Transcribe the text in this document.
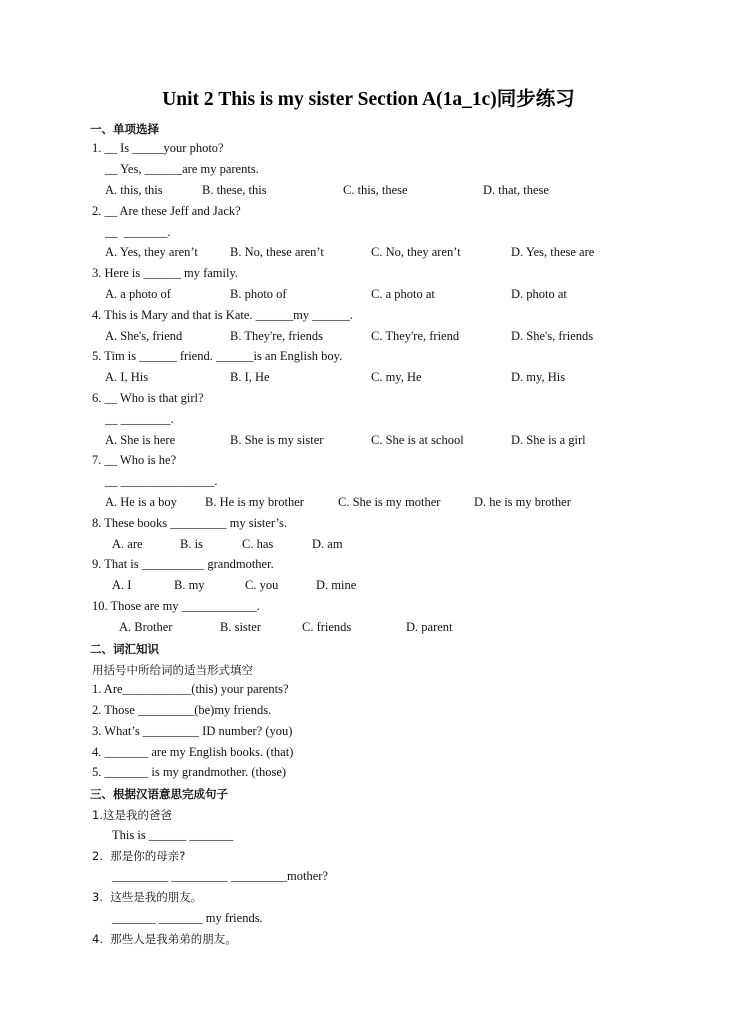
Unit 2 This is my sister Section A(1a_1c)同步练习
一、单项选择
1. __ Is _____your photo?
__ Yes, ______are my parents.
A. this, this	B. these, this	C. this, these	D. that, these
2. __ Are these Jeff and Jack?
__  _______.
A. Yes, they aren’t	B. No, these aren’t	C. No, they aren’t	D. Yes, these are
3. Here is ______ my family.
A. a photo of	B. photo of	C. a photo at	D. photo at
4. This is Mary and that is Kate. ______my ______.
A. She's, friend	B. They're, friends	C. They're, friend	D. She's, friends
5. Tim is ______ friend. ______is an English boy.
A. I, His	B. I, He	C. my, He	D. my, His
6. __ Who is that girl?
__ ________.
A. She is here	B. She is my sister	C. She is at school	D. She is a girl
7. __ Who is he?
__ _______________.
A. He is a boy B. He is my brother	C. She is my mother	D. he is my brother
8. These books _________ my sister’s.
A. are	B. is	C. has	D. am
9. That is __________ grandmother.
A. I	B. my	C. you	D. mine
10. Those are my ____________.
A. Brother	B. sister	C. friends	D. parent
二、词汇知识
用括号中所给词的适当形式填空
1. Are___________(this) your parents?
2. Those _________(be)my friends.
3. What’s _________ ID number? (you)
4. _______ are my English books. (that)
5. _______ is my grandmother. (those)
三、根据汉语意思完成句子
1.这是我的爸爸
This is ______ _______
2.  那是你的母亲?
_________ _________ _________mother?
3.  这些是我的朋友。
_______ _______ my friends.
4.  那些人是我弟弟的朋友。
